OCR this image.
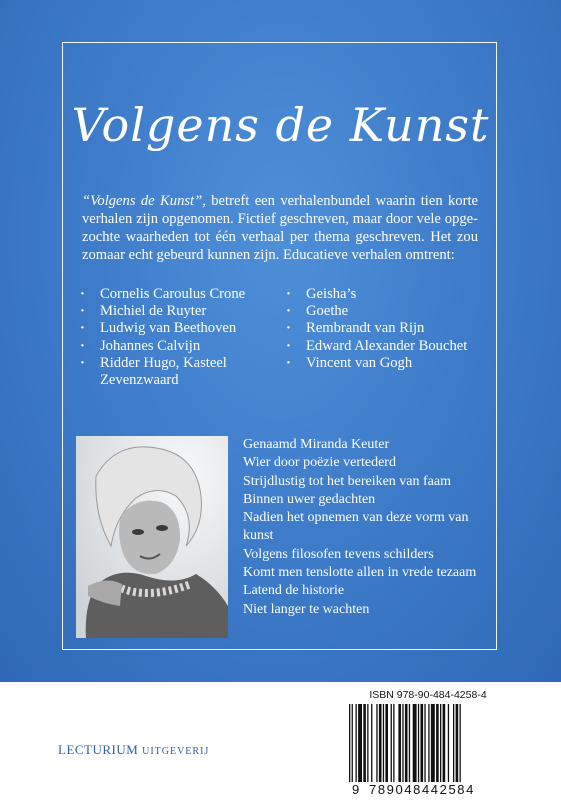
Volgens de Kunst

“Volgens de Kunst”, betreft een verhalenbundel waarin tien korte verhalen zijn opgenomen. Fictief geschreven, maar door vele opge-zochte waarheden tot één verhaal per thema geschreven. Het zou zomaar echt gebeurd kunnen zijn. Educatieve verhalen omtrent:

· Cornelis Caroulus Crone
· Michiel de Ruyter
· Ludwig van Beethoven
· Johannes Calvijn
· Ridder Hugo, Kasteel Zevenzwaard
· Geisha’s
· Goethe
· Rembrandt van Rijn
· Edward Alexander Bouchet
· Vincent van Gogh
Genaamd Miranda Keuter
Wier door poëzie vertederd
Strijdlustig tot het bereiken van faam
Binnen uwer gedachten
Nadien het opnemen van deze vorm van
kunst
Volgens filosofen tevens schilders
Komt men tenslotte allen in vrede tezaam
Latend de historie
Niet langer te wachten
LECTURIUM UITGEVERIJ
ISBN 978-90-484-4258-4
9 789048442584
